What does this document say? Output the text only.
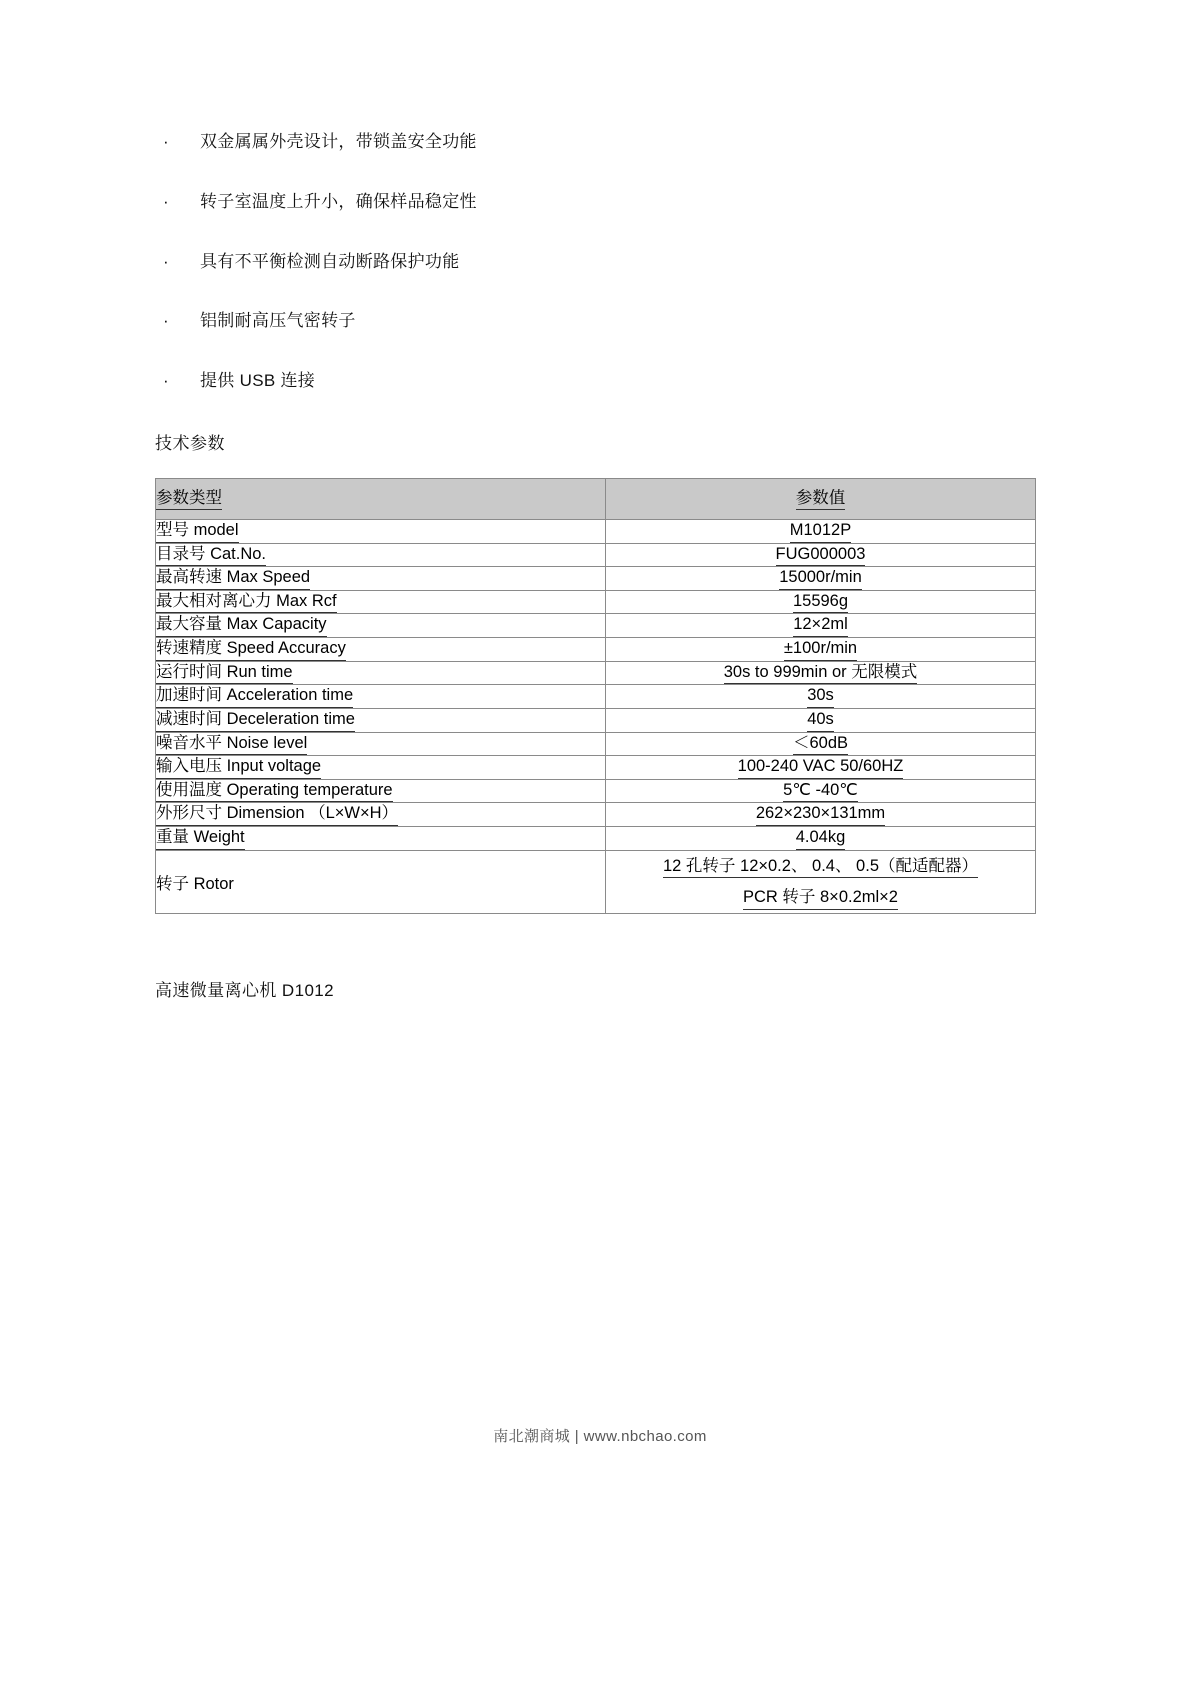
·	双金属属外壳设计，带锁盖安全功能
·	转子室温度上升小，确保样品稳定性
·	具有不平衡检测自动断路保护功能
·	铝制耐高压气密转子
·	提供 USB 连接
技术参数
参数类型	参数值
型号 model	M1012P
目录号 Cat.No.	FUG000003
最高转速 Max Speed	15000r/min
最大相对离心力 Max Rcf	15596g
最大容量 Max Capacity	12×2ml
转速精度 Speed Accuracy	±100r/min
运行时间 Run time	30s to 999min or 无限模式
加速时间 Acceleration time	30s
减速时间 Deceleration time	40s
噪音水平 Noise level	＜60dB
输入电压 Input voltage	100-240 VAC 50/60HZ
使用温度 Operating temperature	5℃ -40℃
外形尺寸 Dimension （L×W×H）	262×230×131mm
重量 Weight	4.04kg
转子 Rotor	12 孔转子 12×0.2、 0.4、 0.5（配适配器）
PCR 转子 8×0.2ml×2
高速微量离心机 D1012
南北潮商城 | www.nbchao.com
